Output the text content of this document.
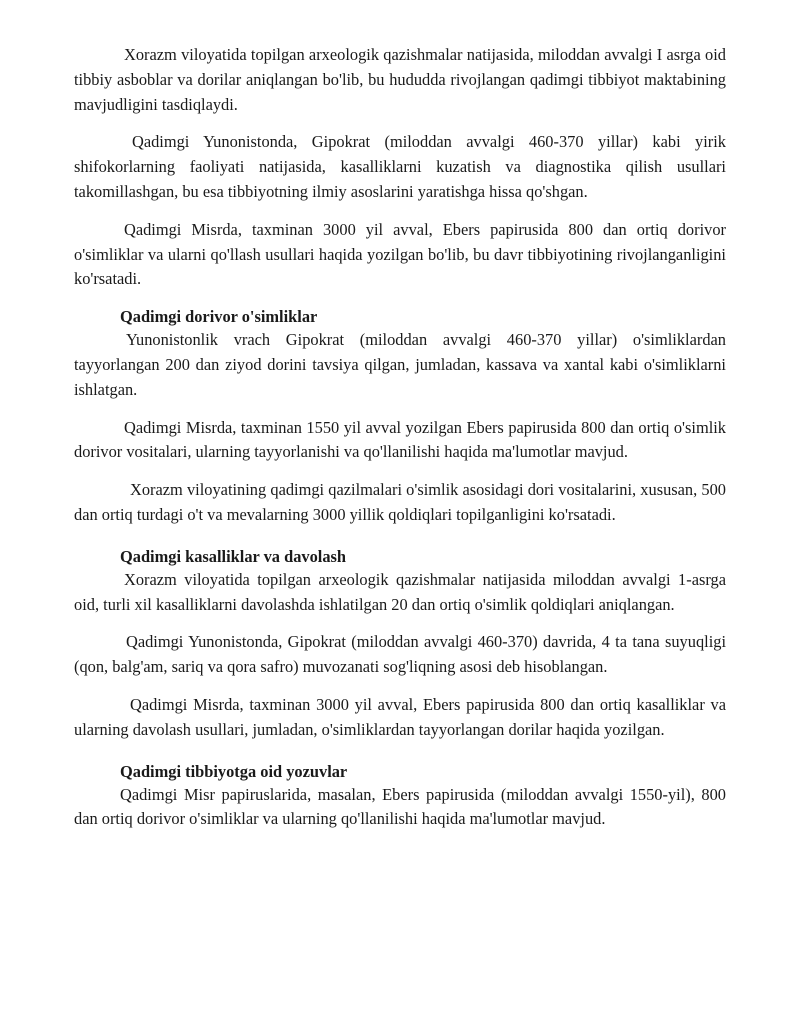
Xorazm viloyatida topilgan arxeologik qazishmalar natijasida, miloddan avvalgi I asrga oid tibbiy asboblar va dorilar aniqlangan bo'lib, bu hududda rivojlangan qadimgi tibbiyot maktabining mavjudligini tasdiqlaydi.

Qadimgi Yunonistonda, Gipokrat (miloddan avvalgi 460-370 yillar) kabi yirik shifokorlarning faoliyati natijasida, kasalliklarni kuzatish va diagnostika qilish usullari takomillashgan, bu esa tibbiyotning ilmiy asoslarini yaratishga hissa qo'shgan.

Qadimgi Misrda, taxminan 3000 yil avval, Ebers papirusida 800 dan ortiq dorivor o'simliklar va ularni qo'llash usullari haqida yozilgan bo'lib, bu davr tibbiyotining rivojlanganligini ko'rsatadi.

Qadimgi dorivor o'simliklar

Yunonistonlik vrach Gipokrat (miloddan avvalgi 460-370 yillar) o'simliklardan tayyorlangan 200 dan ziyod dorini tavsiya qilgan, jumladan, kassava va xantal kabi o'simliklarni ishlatgan.

Qadimgi Misrda, taxminan 1550 yil avval yozilgan Ebers papirusida 800 dan ortiq o'simlik dorivor vositalari, ularning tayyorlanishi va qo'llanilishi haqida ma'lumotlar mavjud.

Xorazm viloyatining qadimgi qazilmalari o'simlik asosidagi dori vositalarini, xususan, 500 dan ortiq turdagi o't va mevalarning 3000 yillik qoldiqlari topilganligini ko'rsatadi.

Qadimgi kasalliklar va davolash

Xorazm viloyatida topilgan arxeologik qazishmalar natijasida miloddan avvalgi 1-asrga oid, turli xil kasalliklarni davolashda ishlatilgan 20 dan ortiq o'simlik qoldiqlari aniqlangan.

Qadimgi Yunonistonda, Gipokrat (miloddan avvalgi 460-370) davrida, 4 ta tana suyuqligi (qon, balg'am, sariq va qora safro) muvozanati sog'liqning asosi deb hisoblangan.

Qadimgi Misrda, taxminan 3000 yil avval, Ebers papirusida 800 dan ortiq kasalliklar va ularning davolash usullari, jumladan, o'simliklardan tayyorlangan dorilar haqida yozilgan.

Qadimgi tibbiyotga oid yozuvlar

Qadimgi Misr papiruslarida, masalan, Ebers papirusida (miloddan avvalgi 1550-yil), 800 dan ortiq dorivor o'simliklar va ularning qo'llanilishi haqida ma'lumotlar mavjud.
